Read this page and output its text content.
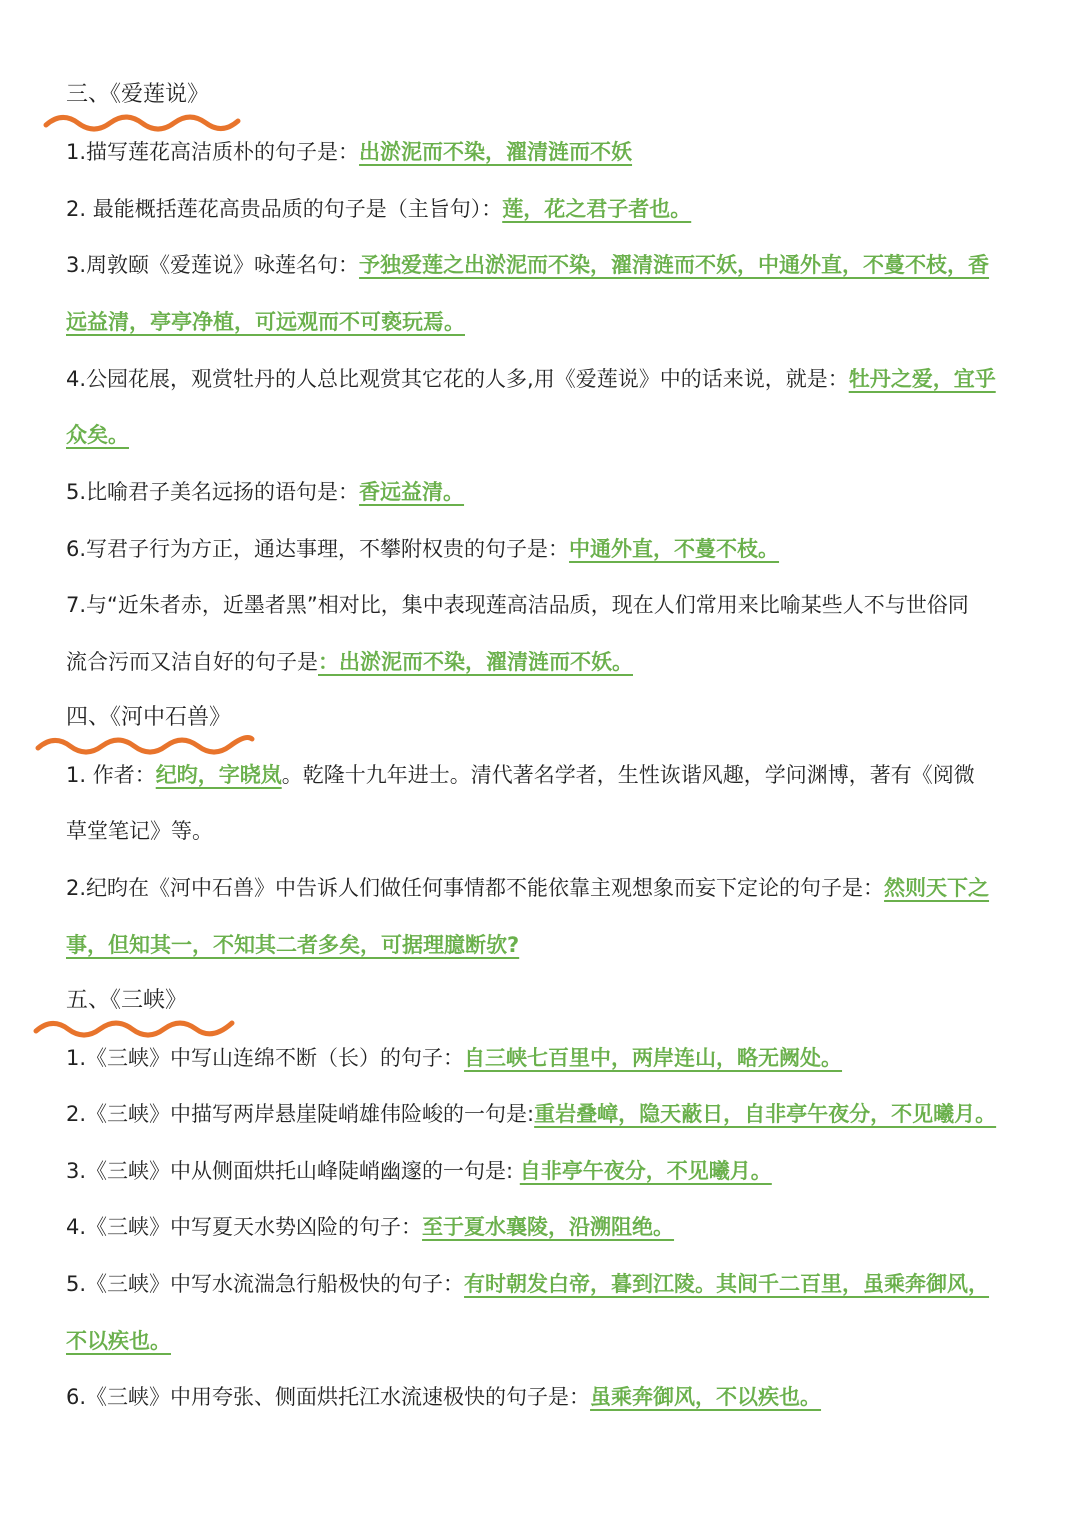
三、《爱莲说》
1.描写莲花高洁质朴的句子是：出淤泥而不染，濯清涟而不妖
2. 最能概括莲花高贵品质的句子是（主旨句）：莲，花之君子者也。
3.周敦颐《爱莲说》咏莲名句：予独爱莲之出淤泥而不染，濯清涟而不妖，中通外直，不蔓不枝，香
远益清，亭亭净植，可远观而不可亵玩焉。
4.公园花展，观赏牡丹的人总比观赏其它花的人多,用《爱莲说》中的话来说，就是：牡丹之爱，宜乎
众矣。
5.比喻君子美名远扬的语句是：香远益清。
6.写君子行为方正，通达事理，不攀附权贵的句子是：中通外直，不蔓不枝。
7.与“近朱者赤，近墨者黑”相对比，集中表现莲高洁品质，现在人们常用来比喻某些人不与世俗同
流合污而又洁自好的句子是：出淤泥而不染，濯清涟而不妖。
四、《河中石兽》
1. 作者：纪昀，字晓岚。乾隆十九年进士。清代著名学者，生性诙谐风趣，学问渊博，著有《阅微
草堂笔记》等。
2.纪昀在《河中石兽》中告诉人们做任何事情都不能依靠主观想象而妄下定论的句子是：然则天下之
事，但知其一，不知其二者多矣，可据理臆断欤?
五、《三峡》
1.《三峡》中写山连绵不断（长）的句子：自三峡七百里中，两岸连山，略无阙处。
2.《三峡》中描写两岸悬崖陡峭雄伟险峻的一句是:重岩叠嶂，隐天蔽日，自非亭午夜分，不见曦月。
3.《三峡》中从侧面烘托山峰陡峭幽邃的一句是: 自非亭午夜分，不见曦月。
4.《三峡》中写夏天水势凶险的句子：至于夏水襄陵，沿溯阻绝。
5.《三峡》中写水流湍急行船极快的句子：有时朝发白帝，暮到江陵。其间千二百里，虽乘奔御风，
不以疾也。
6.《三峡》中用夸张、侧面烘托江水流速极快的句子是：虽乘奔御风，不以疾也。
